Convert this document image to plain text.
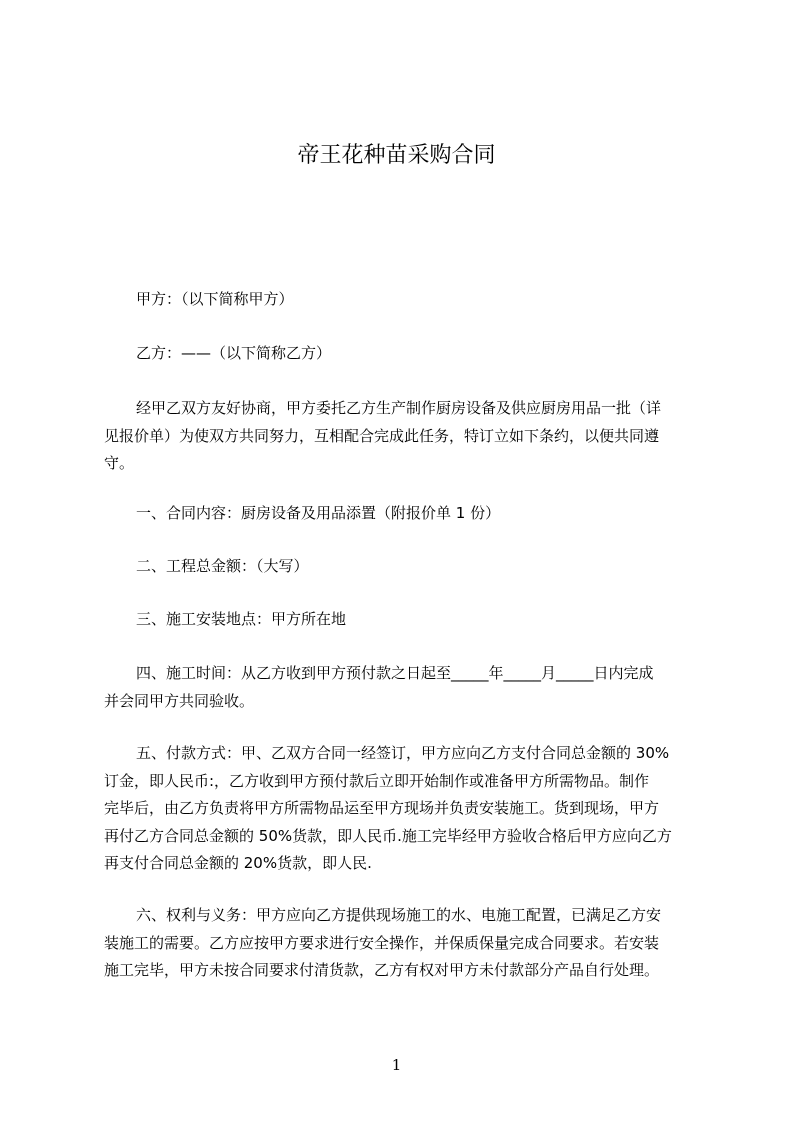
帝王花种苗采购合同

甲方：（以下简称甲方）

乙方：——（以下简称乙方）

经甲乙双方友好协商，甲方委托乙方生产制作厨房设备及供应厨房用品一批（详
见报价单）为使双方共同努力，互相配合完成此任务，特订立如下条约，以便共同遵
守。

一、合同内容：厨房设备及用品添置（附报价单 1 份）

二、工程总金额：（大写）

三、施工安装地点：甲方所在地

四、施工时间：从乙方收到甲方预付款之日起至_____年_____月_____日内完成
并会同甲方共同验收。

五、付款方式：甲、乙双方合同一经签订，甲方应向乙方支付合同总金额的 30%
订金，即人民币:，乙方收到甲方预付款后立即开始制作或准备甲方所需物品。制作
完毕后，由乙方负责将甲方所需物品运至甲方现场并负责安装施工。货到现场，甲方
再付乙方合同总金额的 50%货款，即人民币.施工完毕经甲方验收合格后甲方应向乙方
再支付合同总金额的 20%货款，即人民.

六、权利与义务：甲方应向乙方提供现场施工的水、电施工配置，已满足乙方安
装施工的需要。乙方应按甲方要求进行安全操作，并保质保量完成合同要求。若安装
施工完毕，甲方未按合同要求付清货款，乙方有权对甲方未付款部分产品自行处理。

1
